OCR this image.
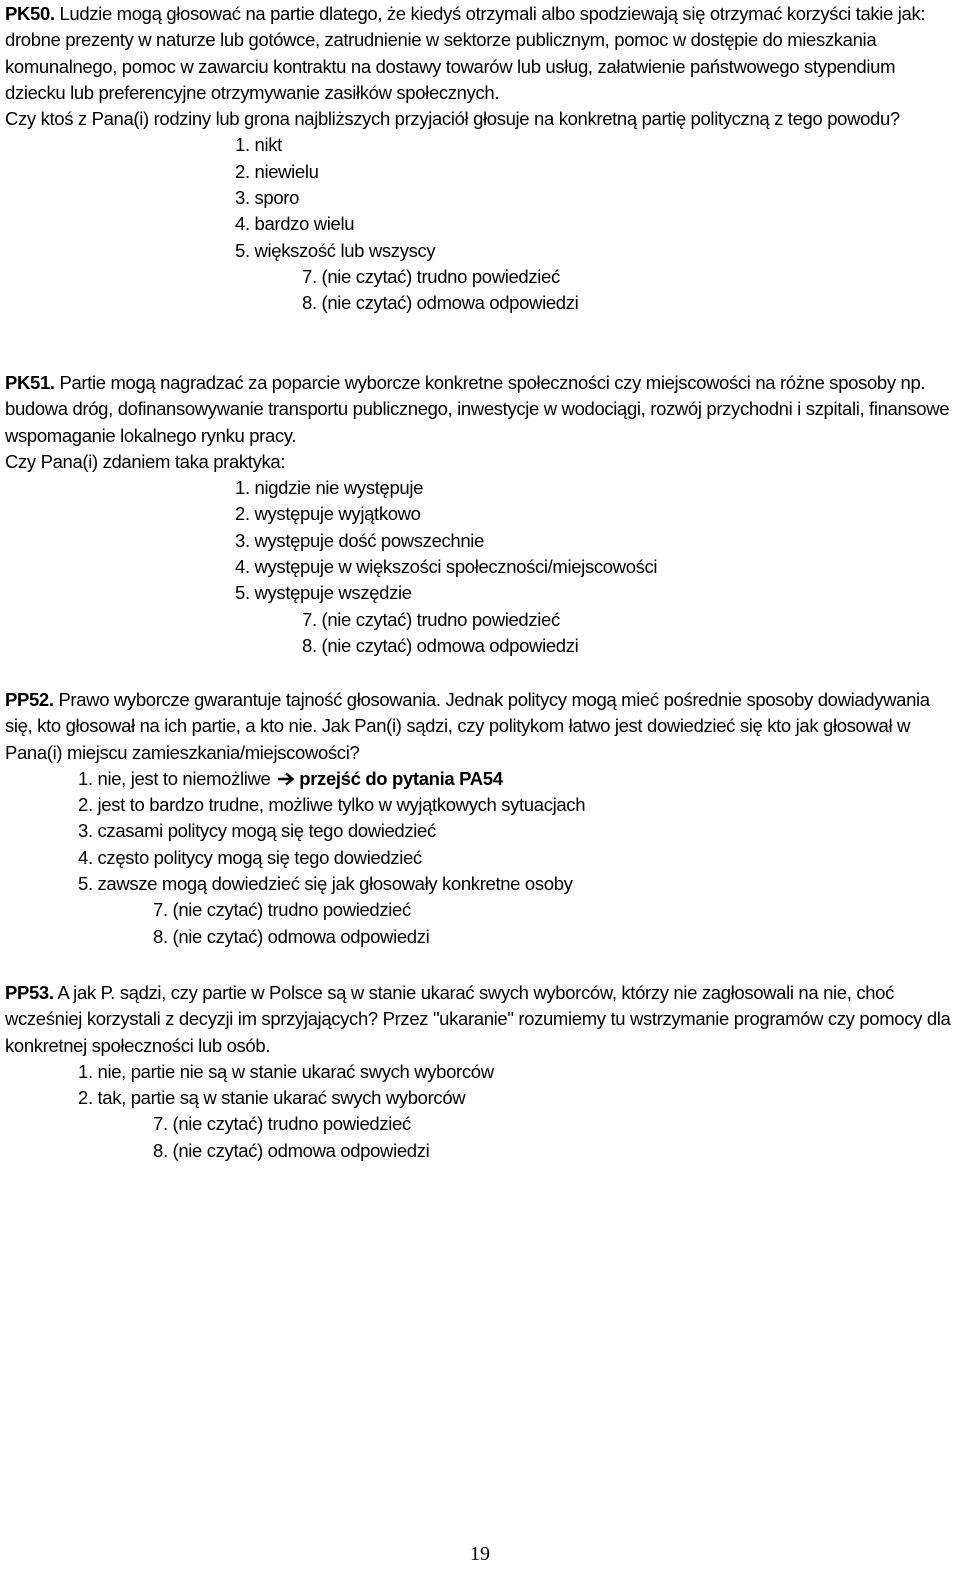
PK50. Ludzie mogą głosować na partie dlatego, że kiedyś otrzymali albo spodziewają się otrzymać korzyści takie jak: drobne prezenty w naturze lub gotówce, zatrudnienie w sektorze publicznym, pomoc w dostępie do mieszkania komunalnego, pomoc w zawarciu kontraktu na dostawy towarów lub usług, załatwienie państwowego stypendium dziecku lub preferencyjne otrzymywanie zasiłków społecznych.

Czy ktoś z Pana(i) rodziny lub grona najbliższych przyjaciół głosuje na konkretną partię polityczną z tego powodu?

1. nikt
2. niewielu
3. sporo
4. bardzo wielu
5. większość lub wszyscy
7. (nie czytać) trudno powiedzieć
8. (nie czytać) odmowa odpowiedzi

PK51. Partie mogą nagradzać za poparcie wyborcze konkretne społeczności czy miejscowości na różne sposoby np. budowa dróg, dofinansowywanie transportu publicznego, inwestycje w wodociągi, rozwój przychodni i szpitali, finansowe wspomaganie lokalnego rynku pracy.

Czy Pana(i) zdaniem taka praktyka:

1. nigdzie nie występuje
2. występuje wyjątkowo
3. występuje dość powszechnie
4. występuje w większości społeczności/miejscowości
5. występuje wszędzie
7. (nie czytać) trudno powiedzieć
8. (nie czytać) odmowa odpowiedzi

PP52. Prawo wyborcze gwarantuje tajność głosowania. Jednak politycy mogą mieć pośrednie sposoby dowiadywania się, kto głosował na ich partie, a kto nie. Jak Pan(i) sądzi, czy politykom łatwo jest dowiedzieć się kto jak głosował w Pana(i) miejscu zamieszkania/miejscowości?

1. nie, jest to niemożliwe przejść do pytania PA54
2. jest to bardzo trudne, możliwe tylko w wyjątkowych sytuacjach
3. czasami politycy mogą się tego dowiedzieć
4. często politycy mogą się tego dowiedzieć
5. zawsze mogą dowiedzieć się jak głosowały konkretne osoby
7. (nie czytać) trudno powiedzieć
8. (nie czytać) odmowa odpowiedzi

PP53. A jak P. sądzi, czy partie w Polsce są w stanie ukarać swych wyborców, którzy nie zagłosowali na nie, choć wcześniej korzystali z decyzji im sprzyjających? Przez "ukaranie" rozumiemy tu wstrzymanie programów czy pomocy dla konkretnej społeczności lub osób.

1. nie, partie nie są w stanie ukarać swych wyborców
2. tak, partie są w stanie ukarać swych wyborców
7. (nie czytać) trudno powiedzieć
8. (nie czytać) odmowa odpowiedzi
19
